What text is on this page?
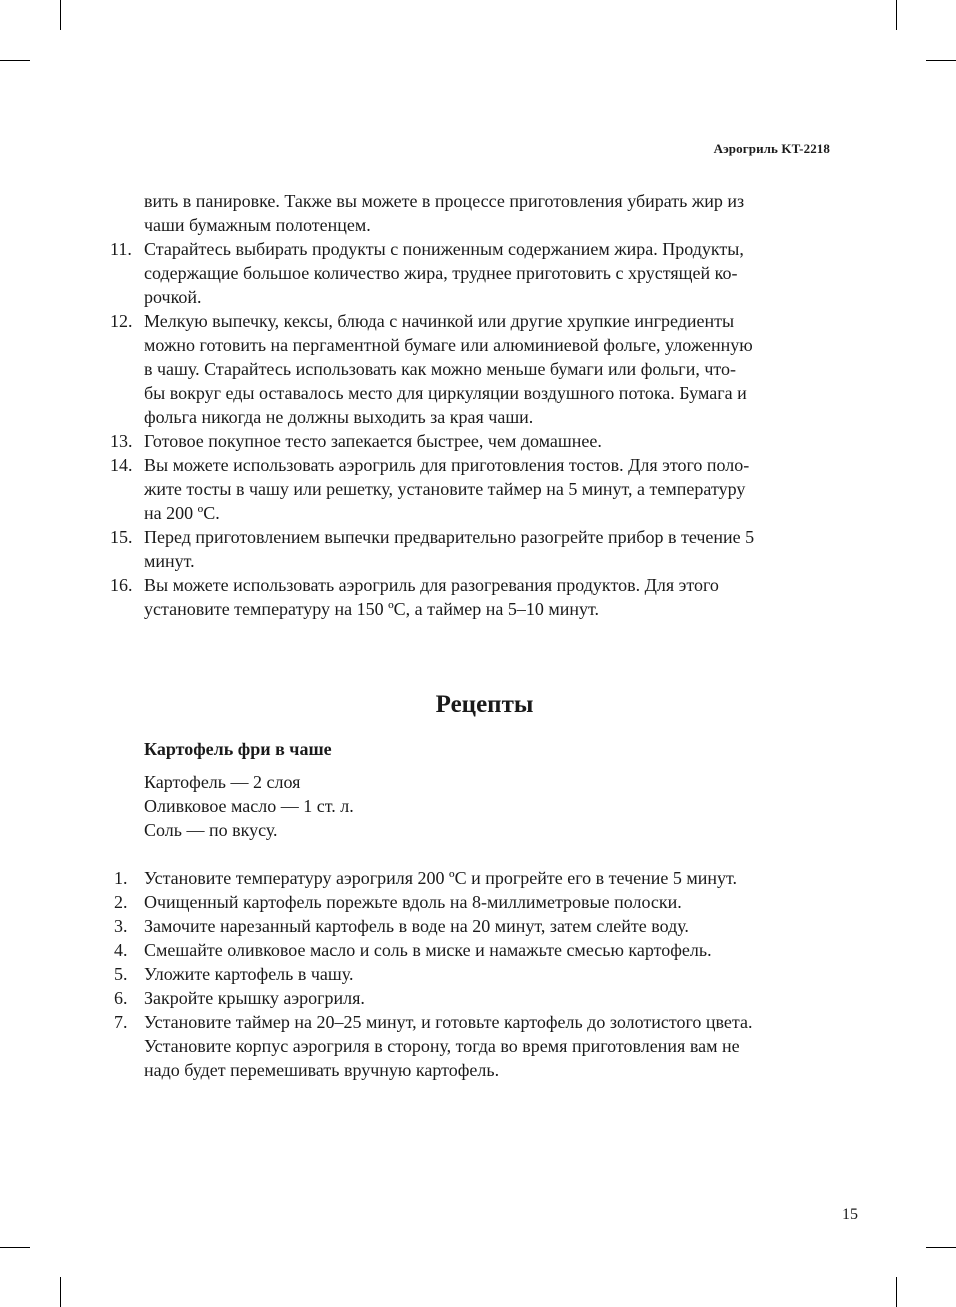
Аэрогриль KT-2218
вить в панировке. Также вы можете в процессе приготовления убирать жир из
чаши бумажным полотенцем.
11. Старайтесь выбирать продукты с пониженным содержанием жира. Продукты,
содержащие большое количество жира, труднее приготовить с хрустящей ко-
рочкой.
12. Мелкую выпечку, кексы, блюда с начинкой или другие хрупкие ингредиенты
можно готовить на пергаментной бумаге или алюминиевой фольге, уложенную
в чашу. Старайтесь использовать как можно меньше бумаги или фольги, что-
бы вокруг еды оставалось место для циркуляции воздушного потока. Бумага и
фольга никогда не должны выходить за края чаши.
13. Готовое покупное тесто запекается быстрее, чем домашнее.
14. Вы можете использовать аэрогриль для приготовления тостов. Для этого поло-
жите тосты в чашу или решетку, установите таймер на 5 минут, а температуру
на 200 ºС.
15. Перед приготовлением выпечки предварительно разогрейте прибор в течение 5
минут.
16. Вы можете использовать аэрогриль для разогревания продуктов. Для этого
установите температуру на 150 ºС, а таймер на 5–10 минут.
Рецепты
Картофель фри в чаше
Картофель — 2 слоя
Оливковое масло — 1 ст. л.
Соль — по вкусу.
1. Установите температуру аэрогриля 200 ºС и прогрейте его в течение 5 минут.
2. Очищенный картофель порежьте вдоль на 8-миллиметровые полоски.
3. Замочите нарезанный картофель в воде на 20 минут, затем слейте воду.
4. Смешайте оливковое масло и соль в миске и намажьте смесью картофель.
5. Уложите картофель в чашу.
6. Закройте крышку аэрогриля.
7. Установите таймер на 20–25 минут, и готовьте картофель до золотистого цвета.
Установите корпус аэрогриля в сторону, тогда во время приготовления вам не
надо будет перемешивать вручную картофель.
15
